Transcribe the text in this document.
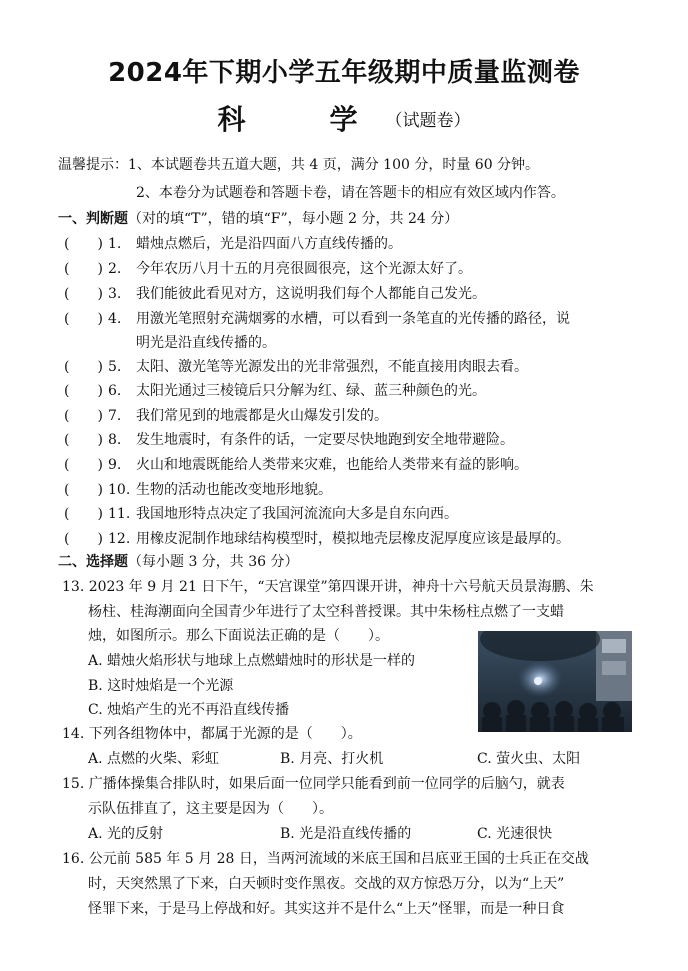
2024年下期小学五年级期中质量监测卷
科　学（试题卷）
温馨提示：1、本试题卷共五道大题，共 4 页，满分 100 分，时量 60 分钟。
2、本卷分为试题卷和答题卡卷，请在答题卡的相应有效区域内作答。
一、判断题（对的填“T”，错的填“F”，每小题 2 分，共 24 分）
(　　) 1. 蜡烛点燃后，光是沿四面八方直线传播的。
(　　) 2. 今年农历八月十五的月亮很圆很亮，这个光源太好了。
(　　) 3. 我们能彼此看见对方，这说明我们每个人都能自己发光。
(　　) 4. 用激光笔照射充满烟雾的水槽，可以看到一条笔直的光传播的路径，说
(　　) 5. 太阳、激光笔等光源发出的光非常强烈，不能直接用肉眼去看。
(　　) 6. 太阳光通过三棱镜后只分解为红、绿、蓝三种颜色的光。
(　　) 7. 我们常见到的地震都是火山爆发引发的。
(　　) 8. 发生地震时，有条件的话，一定要尽快地跑到安全地带避险。
(　　) 9. 火山和地震既能给人类带来灾难，也能给人类带来有益的影响。
(　　) 10. 生物的活动也能改变地形地貌。
(　　) 11. 我国地形特点决定了我国河流流向大多是自东向西。
(　　) 12. 用橡皮泥制作地球结构模型时，模拟地壳层橡皮泥厚度应该是最厚的。
明光是沿直线传播的。
二、选择题（每小题 3 分，共 36 分）
13. 2023 年 9 月 21 日下午，“天宫课堂”第四课开讲，神舟十六号航天员景海鹏、朱
杨柱、桂海潮面向全国青少年进行了太空科普授课。其中朱杨柱点燃了一支蜡
烛，如图所示。那么下面说法正确的是（　　）。
A. 蜡烛火焰形状与地球上点燃蜡烛时的形状是一样的
B. 这时烛焰是一个光源
C. 烛焰产生的光不再沿直线传播
14. 下列各组物体中，都属于光源的是（　　）。
A. 点燃的火柴、彩虹	B. 月亮、打火机	C. 萤火虫、太阳
15. 广播体操集合排队时，如果后面一位同学只能看到前一位同学的后脑勺，就表
示队伍排直了，这主要是因为（　　）。
A. 光的反射	B. 光是沿直线传播的	C. 光速很快
16. 公元前 585 年 5 月 28 日，当两河流域的米底王国和吕底亚王国的士兵正在交战
时，天突然黑了下来，白天顿时变作黑夜。交战的双方惊恐万分，以为“上天”
怪罪下来，于是马上停战和好。其实这并不是什么“上天”怪罪，而是一种日食
